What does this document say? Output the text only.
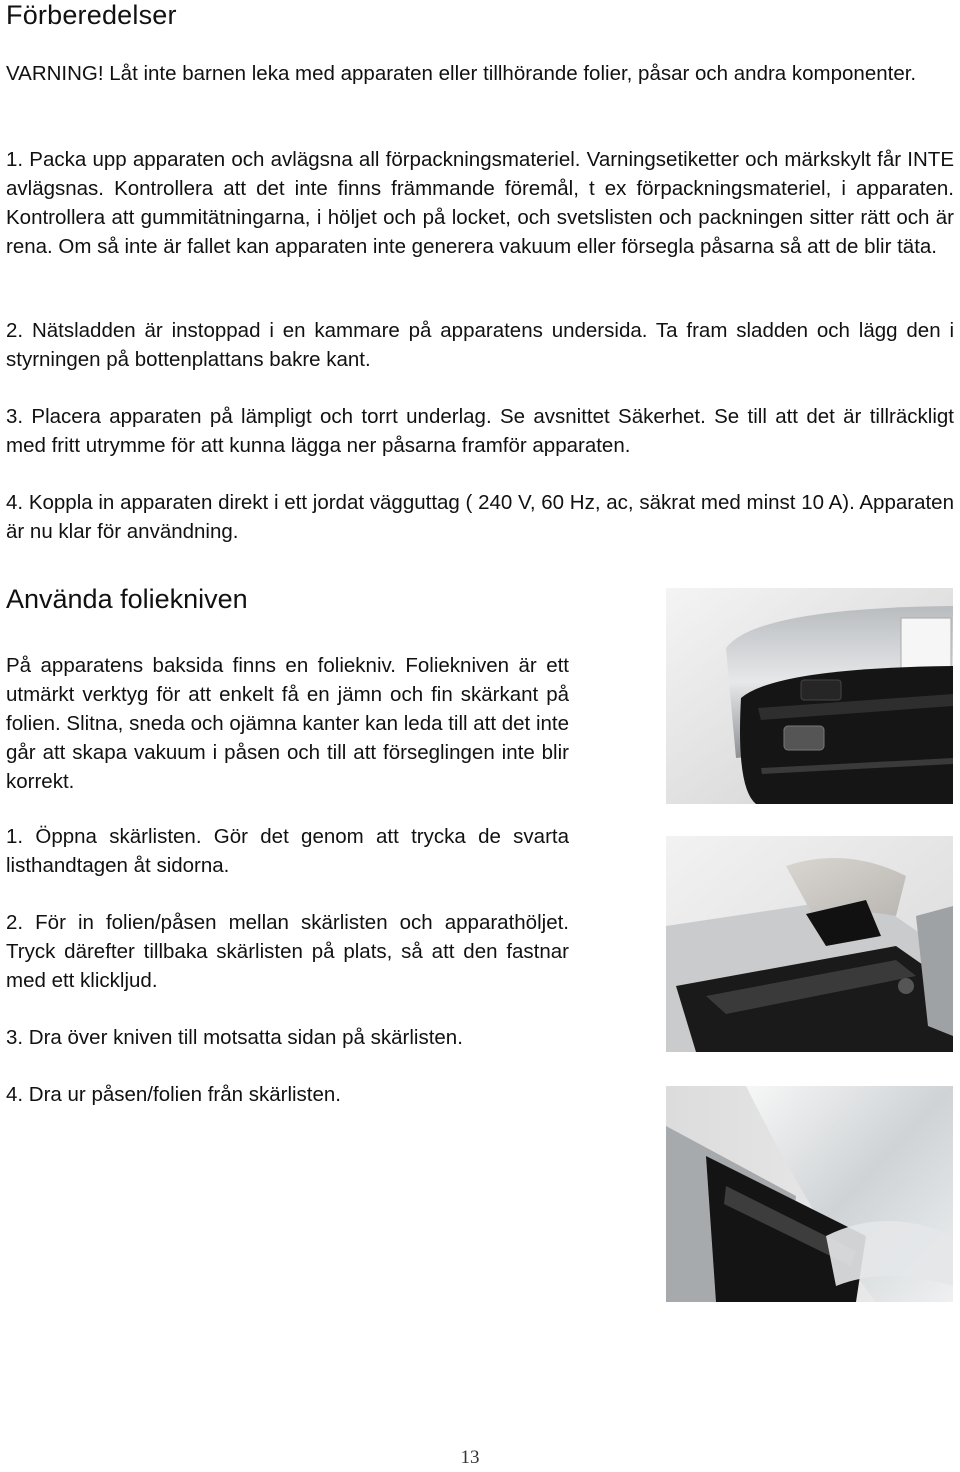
Förberedelser

VARNING! Låt inte barnen leka med apparaten eller tillhörande folier, påsar och andra komponenter.

1. Packa upp apparaten och avlägsna all förpackningsmateriel. Varningsetiketter och märkskylt får INTE avlägsnas. Kontrollera att det inte finns främmande föremål, t ex förpackningsmateriel, i apparaten. Kontrollera att gummitätningarna, i höljet och på locket, och svetslisten och packningen sitter rätt och är rena. Om så inte är fallet kan apparaten inte generera vakuum eller försegla påsarna så att de blir täta.

2. Nätsladden är instoppad i en kammare på apparatens undersida. Ta fram sladden och lägg den i styrningen på bottenplattans bakre kant.

3. Placera apparaten på lämpligt och torrt underlag. Se avsnittet Säkerhet. Se till att det är tillräckligt med fritt utrymme för att kunna lägga ner påsarna framför apparaten.

4. Koppla in apparaten direkt i ett jordat vägguttag ( 240 V, 60 Hz, ac, säkrat med minst 10 A). Apparaten är nu klar för användning.

Använda foliekniven

På apparatens baksida finns en foliekniv. Foliekniven är ett utmärkt verktyg för att enkelt få en jämn och fin skärkant på folien. Slitna, sneda och ojämna kanter kan leda till att det inte går att skapa vakuum i påsen och till att förseglingen inte blir korrekt.

1. Öppna skärlisten. Gör det genom att trycka de svarta listhandtagen åt sidorna.

2. För in folien/påsen mellan skärlisten och apparathöljet. Tryck därefter tillbaka skärlisten på plats, så att den fastnar med ett klickljud.

3. Dra över kniven till motsatta sidan på skärlisten.

4. Dra ur påsen/folien från skärlisten.

13
